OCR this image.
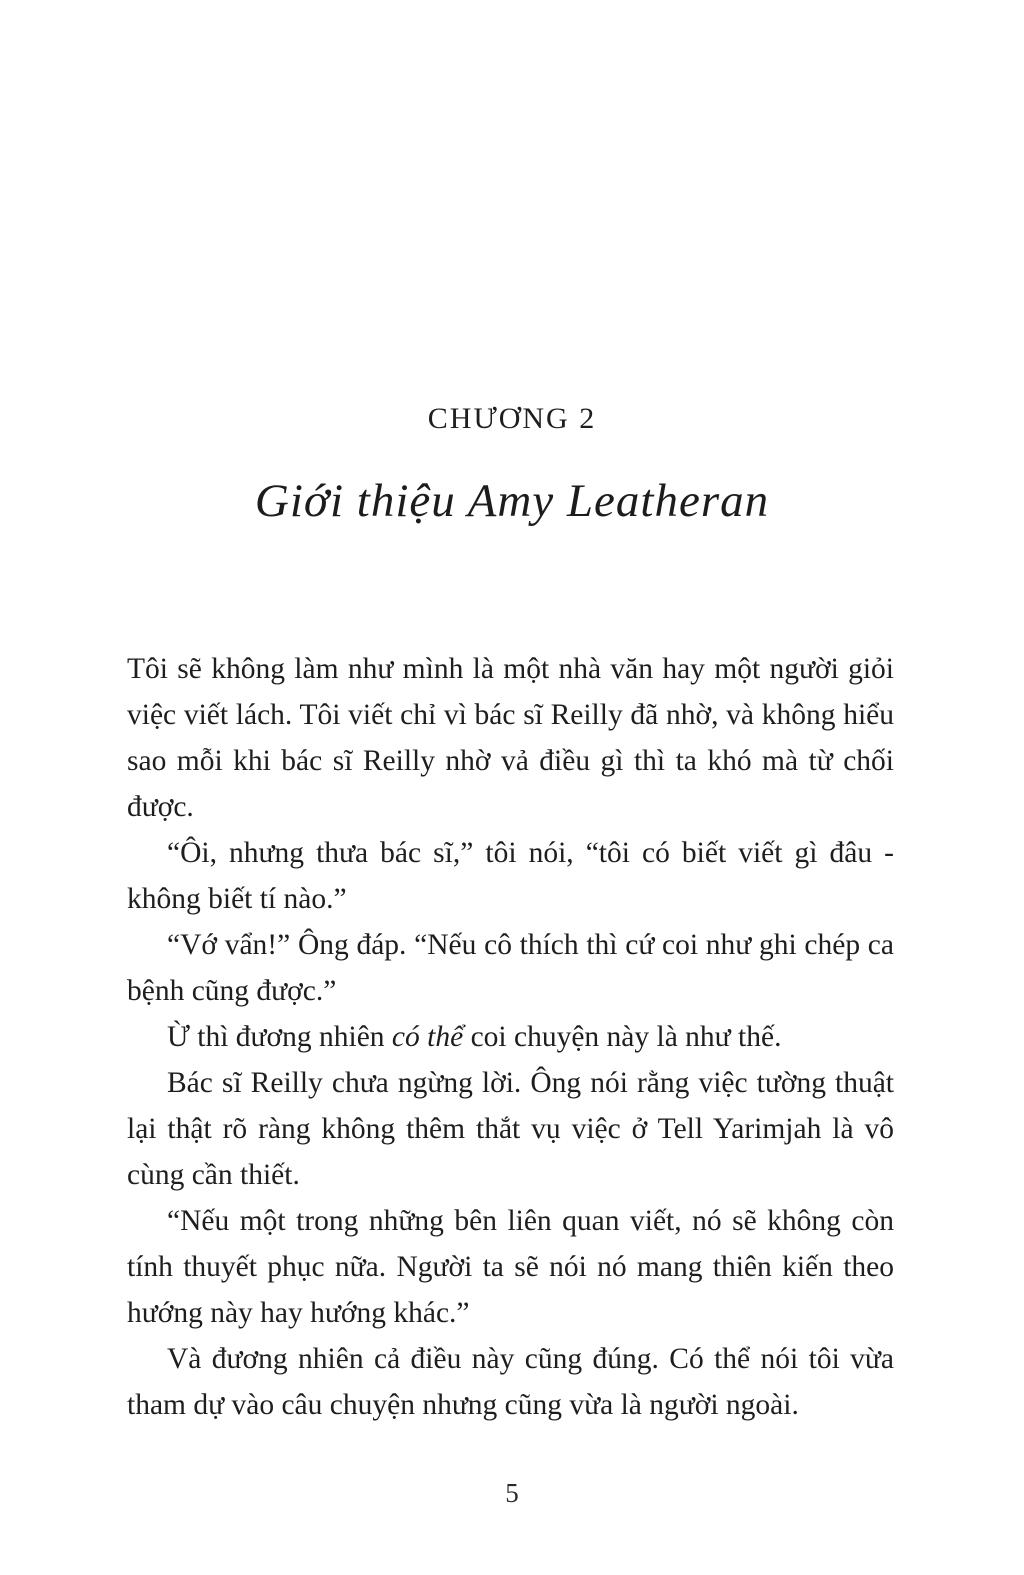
CHƯƠNG 2
Giới thiệu Amy Leatheran

Tôi sẽ không làm như mình là một nhà văn hay một người giỏi việc viết lách. Tôi viết chỉ vì bác sĩ Reilly đã nhờ, và không hiểu sao mỗi khi bác sĩ Reilly nhờ vả điều gì thì ta khó mà từ chối được.

“Ôi, nhưng thưa bác sĩ,” tôi nói, “tôi có biết viết gì đâu - không biết tí nào.”

“Vớ vẩn!” Ông đáp. “Nếu cô thích thì cứ coi như ghi chép ca bệnh cũng được.”

Ừ thì đương nhiên có thể coi chuyện này là như thế.

Bác sĩ Reilly chưa ngừng lời. Ông nói rằng việc tường thuật lại thật rõ ràng không thêm thắt vụ việc ở Tell Yarimjah là vô cùng cần thiết.

“Nếu một trong những bên liên quan viết, nó sẽ không còn tính thuyết phục nữa. Người ta sẽ nói nó mang thiên kiến theo hướng này hay hướng khác.”

Và đương nhiên cả điều này cũng đúng. Có thể nói tôi vừa tham dự vào câu chuyện nhưng cũng vừa là người ngoài.

5
